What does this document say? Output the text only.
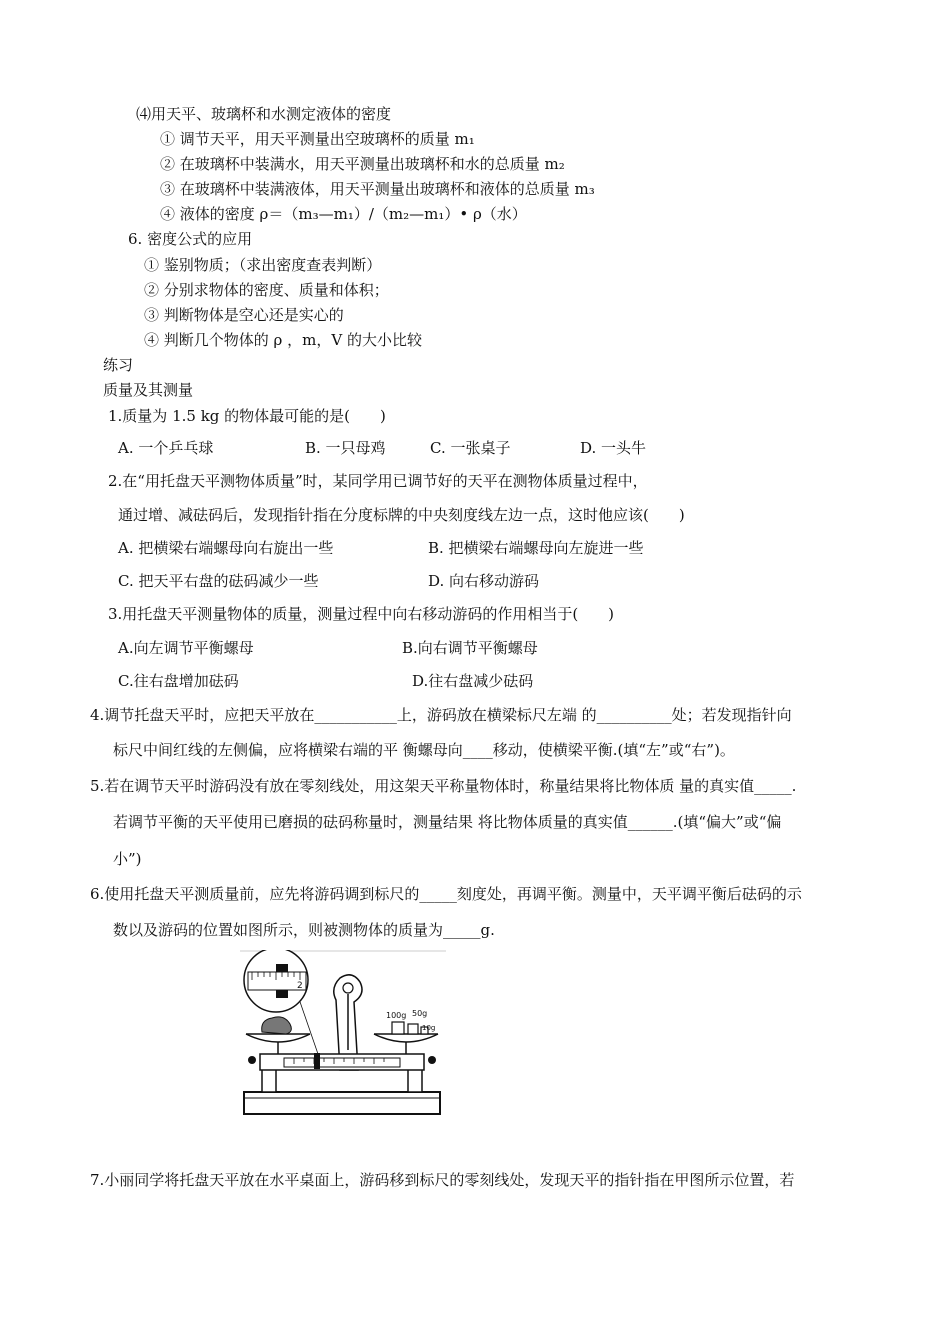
⑷用天平、玻璃杯和水测定液体的密度
① 调节天平，用天平测量出空玻璃杯的质量 m₁
② 在玻璃杯中装满水，用天平测量出玻璃杯和水的总质量 m₂
③ 在玻璃杯中装满液体，用天平测量出玻璃杯和液体的总质量 m₃
④ 液体的密度 ρ＝（m₃—m₁）/（m₂—m₁）• ρ（水）
6. 密度公式的应用
① 鉴别物质；（求出密度查表判断）
② 分别求物体的密度、质量和体积；
③ 判断物体是空心还是实心的
④ 判断几个物体的 ρ ，m，V 的大小比较
练习
质量及其测量
1.质量为 1.5 kg 的物体最可能的是(　　)
A. 一个乒乓球	B. 一只母鸡	C. 一张桌子	D. 一头牛
2.在“用托盘天平测物体质量”时，某同学用已调节好的天平在测物体质量过程中，
通过增、减砝码后，发现指针指在分度标牌的中央刻度线左边一点，这时他应该(　　)
A. 把横梁右端螺母向右旋出一些	B. 把横梁右端螺母向左旋进一些
C. 把天平右盘的砝码减少一些	D. 向右移动游码
3.用托盘天平测量物体的质量，测量过程中向右移动游码的作用相当于(　　)
A.向左调节平衡螺母	B.向右调节平衡螺母
C.往右盘增加砝码	D.往右盘减少砝码
4.调节托盘天平时，应把天平放在___________上，游码放在横梁标尺左端 的__________处；若发现指针向
标尺中间红线的左侧偏，应将横梁右端的平 衡螺母向____移动，使横梁平衡.(填“左”或“右”)。
5.若在调节天平时游码没有放在零刻线处，用这架天平称量物体时，称量结果将比物体质 量的真实值_____.
若调节平衡的天平使用已磨损的砝码称量时，测量结果 将比物体质量的真实值______.(填“偏大”或“偏
小”)
6.使用托盘天平测质量前，应先将游码调到标尺的_____刻度处，再调平衡。测量中，天平调平衡后砝码的示
数以及游码的位置如图所示，则被测物体的质量为_____g.
100g 50g
10g
2
7.小丽同学将托盘天平放在水平桌面上，游码移到标尺的零刻线处，发现天平的指针指在甲图所示位置，若
